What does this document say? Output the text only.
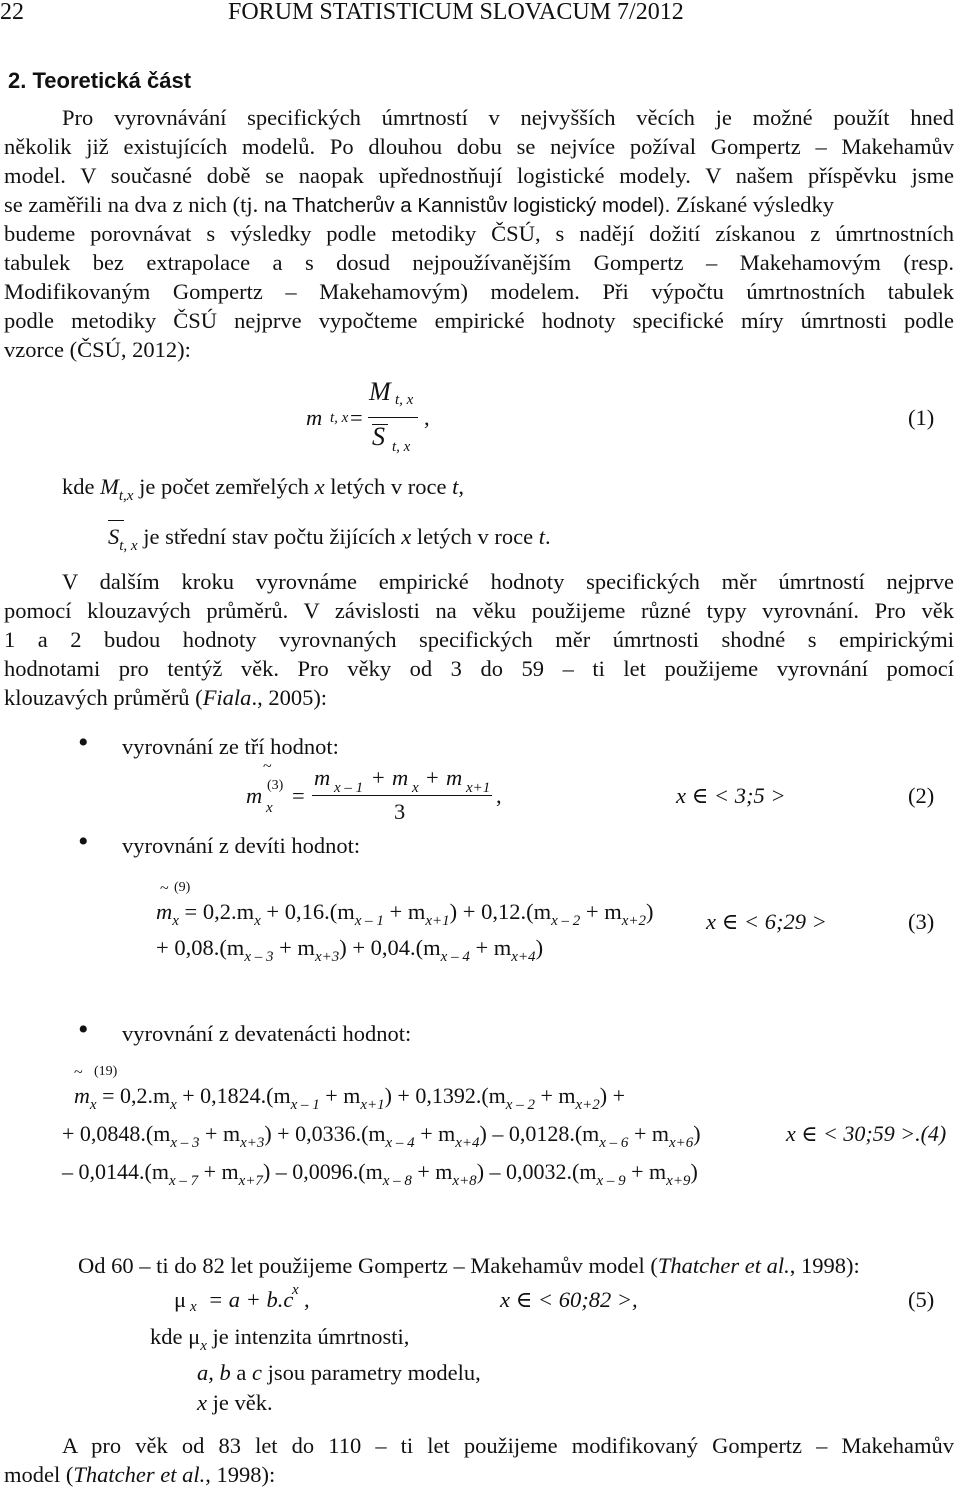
22	FORUM STATISTICUM SLOVACUM 7/2012
2. Teoretická část
Pro vyrovnávání specifických úmrtností v nejvyšších věcích je možné použít hned
několik již existujících modelů. Po dlouhou dobu se nejvíce požíval Gompertz – Makehamův
model. V současné době se naopak upřednostňují logistické modely. V našem příspěvku jsme
se zaměřili na dva z nich (tj. na Thatcherův a Kannistův logistický model). Získané výsledky
budeme porovnávat s výsledky podle metodiky ČSÚ, s nadějí dožití získanou z úmrtnostních
tabulek bez extrapolace a s dosud nejpoužívanějším Gompertz – Makehamovým (resp.
Modifikovaným Gompertz – Makehamovým) modelem. Při výpočtu úmrtnostních tabulek
podle metodiky ČSÚ nejprve vypočteme empirické hodnoty specifické míry úmrtnosti podle
vzorce (ČSÚ, 2012):
m t, x =
M t, x
S t, x
,	(1)
kde $M_{t,x}$ je počet zemřelých x letých v roce t,
$S_{t, x}$ je střední stav počtu žijících x letých v roce t.
V dalším kroku vyrovnáme empirické hodnoty specifických měr úmrtností nejprve
pomocí klouzavých průměrů. V závislosti na věku použijeme různé typy vyrovnání. Pro věk
1 a 2 budou hodnoty vyrovnaných specifických měr úmrtnosti shodné s empirickými
hodnotami pro tentýž věk. Pro věky od 3 do 59 – ti let použijeme vyrovnání pomocí
klouzavých průměrů (Fiala., 2005):
• vyrovnání ze tří hodnot:
~
(3)
m x =
m x – 1 + m x + m x+1
3
,	x ∈ < 3;5 >	(2)
• vyrovnání z devíti hodnot:
~ (9)
$m_x = 0,2.m_x + 0,16.(m_{x - 1} + m_{x+1}) + 0,12.(m_{x - 2} + m_{x+2})$ x ∈ < 6;29 >	(3)
+ $0,08.(m_{x - 3} + m_{x+3}) + 0,04.(m_{x - 4} + m_{x+4})$
• vyrovnání z devatenácti hodnot:
~ (19)
$m_x = 0,2.m_x + 0,1824.(m_{x - 1} + m_{x+1}) + 0,1392.(m_{x - 2} + m_{x+2})$ +
+ $0,0848.(m_{x - 3} + m_{x+3}) + 0,0336.(m_{x - 4} + m_{x+4}) - 0,0128.(m_{x - 6} + m_{x+6})$	x ∈ < 30;59 >.(4)
– $0,0144.(m_{x - 7} + m_{x+7}) - 0,0096.(m_{x - 8} + m_{x+8}) - 0,0032.(m_{x - 9} + m_{x+9})$
Od 60 – ti do 82 let použijeme Gompertz – Makehamův model (Thatcher et al., 1998):
μ x = a + b.c
x ,	x ∈ < 60;82 >,	(5)
kde $\mu_x$ je intenzita úmrtnosti,
a, b a c jsou parametry modelu,
x je věk.
A pro věk od 83 let do 110 – ti let použijeme modifikovaný Gompertz – Makehamův
model (Thatcher et al., 1998):
